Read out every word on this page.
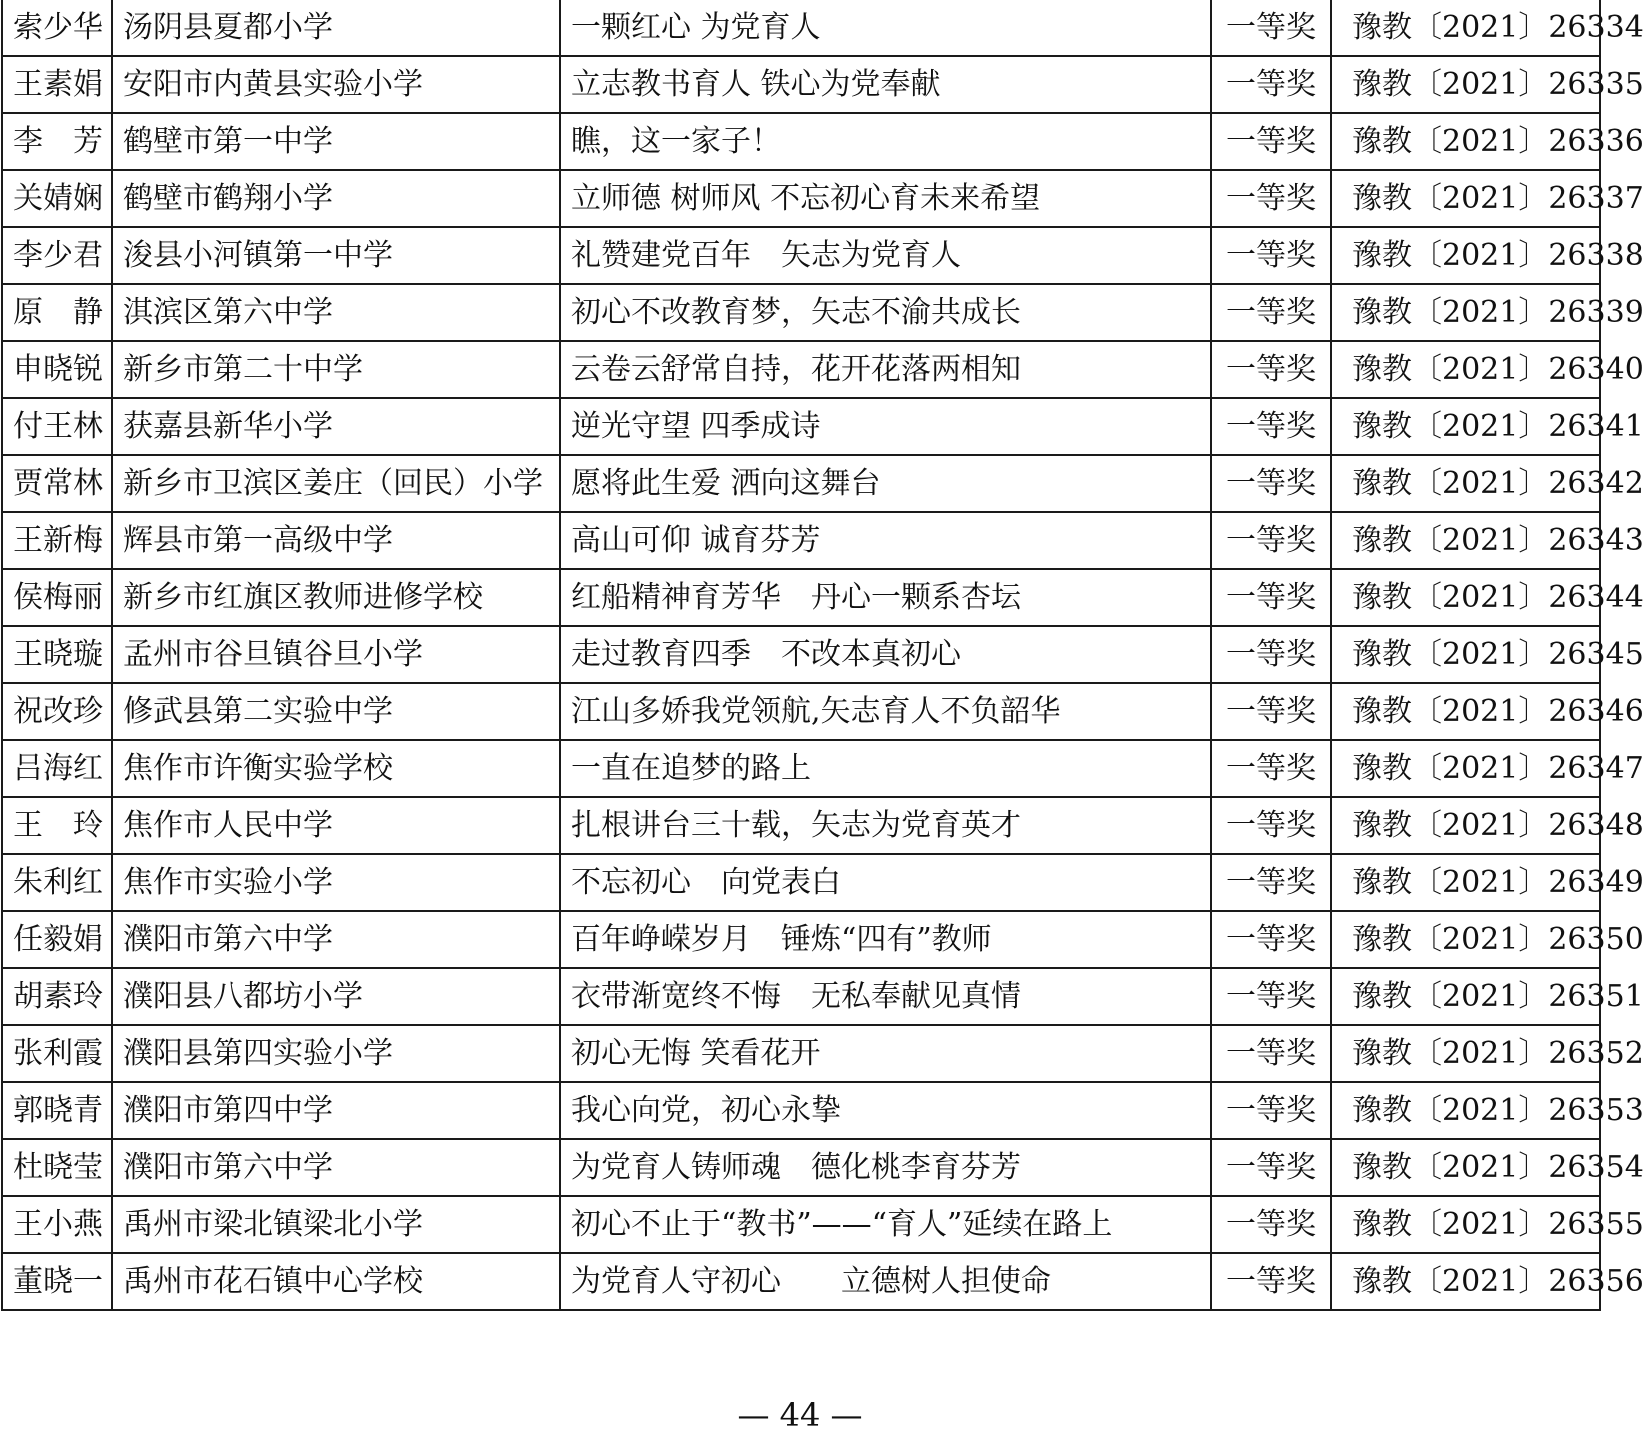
索少华	汤阴县夏都小学	一颗红心 为党育人	一等奖	豫教〔2021〕26334
王素娟	安阳市内黄县实验小学	立志教书育人 铁心为党奉献	一等奖	豫教〔2021〕26335
李　芳	鹤壁市第一中学	瞧，这一家子！	一等奖	豫教〔2021〕26336
关婧娴	鹤壁市鹤翔小学	立师德 树师风 不忘初心育未来希望	一等奖	豫教〔2021〕26337
李少君	浚县小河镇第一中学	礼赞建党百年　矢志为党育人	一等奖	豫教〔2021〕26338
原　静	淇滨区第六中学	初心不改教育梦，矢志不渝共成长	一等奖	豫教〔2021〕26339
申晓锐	新乡市第二十中学	云卷云舒常自持，花开花落两相知	一等奖	豫教〔2021〕26340
付王林	获嘉县新华小学	逆光守望 四季成诗	一等奖	豫教〔2021〕26341
贾常林	新乡市卫滨区姜庄（回民）小学	愿将此生爱 洒向这舞台	一等奖	豫教〔2021〕26342
王新梅	辉县市第一高级中学	高山可仰 诚育芬芳	一等奖	豫教〔2021〕26343
侯梅丽	新乡市红旗区教师进修学校	红船精神育芳华　丹心一颗系杏坛	一等奖	豫教〔2021〕26344
王晓璇	孟州市谷旦镇谷旦小学	走过教育四季　不改本真初心	一等奖	豫教〔2021〕26345
祝改珍	修武县第二实验中学	江山多娇我党领航,矢志育人不负韶华	一等奖	豫教〔2021〕26346
吕海红	焦作市许衡实验学校	一直在追梦的路上	一等奖	豫教〔2021〕26347
王　玲	焦作市人民中学	扎根讲台三十载，矢志为党育英才	一等奖	豫教〔2021〕26348
朱利红	焦作市实验小学	不忘初心　向党表白	一等奖	豫教〔2021〕26349
任毅娟	濮阳市第六中学	百年峥嵘岁月　锤炼“四有”教师	一等奖	豫教〔2021〕26350
胡素玲	濮阳县八都坊小学	衣带渐宽终不悔　无私奉献见真情	一等奖	豫教〔2021〕26351
张利霞	濮阳县第四实验小学	初心无悔 笑看花开	一等奖	豫教〔2021〕26352
郭晓青	濮阳市第四中学	我心向党，初心永挚	一等奖	豫教〔2021〕26353
杜晓莹	濮阳市第六中学	为党育人铸师魂　德化桃李育芬芳	一等奖	豫教〔2021〕26354
王小燕	禹州市梁北镇梁北小学	初心不止于“教书”——“育人”延续在路上	一等奖	豫教〔2021〕26355
董晓一	禹州市花石镇中心学校	为党育人守初心　　立德树人担使命	一等奖	豫教〔2021〕26356
— 44 —
